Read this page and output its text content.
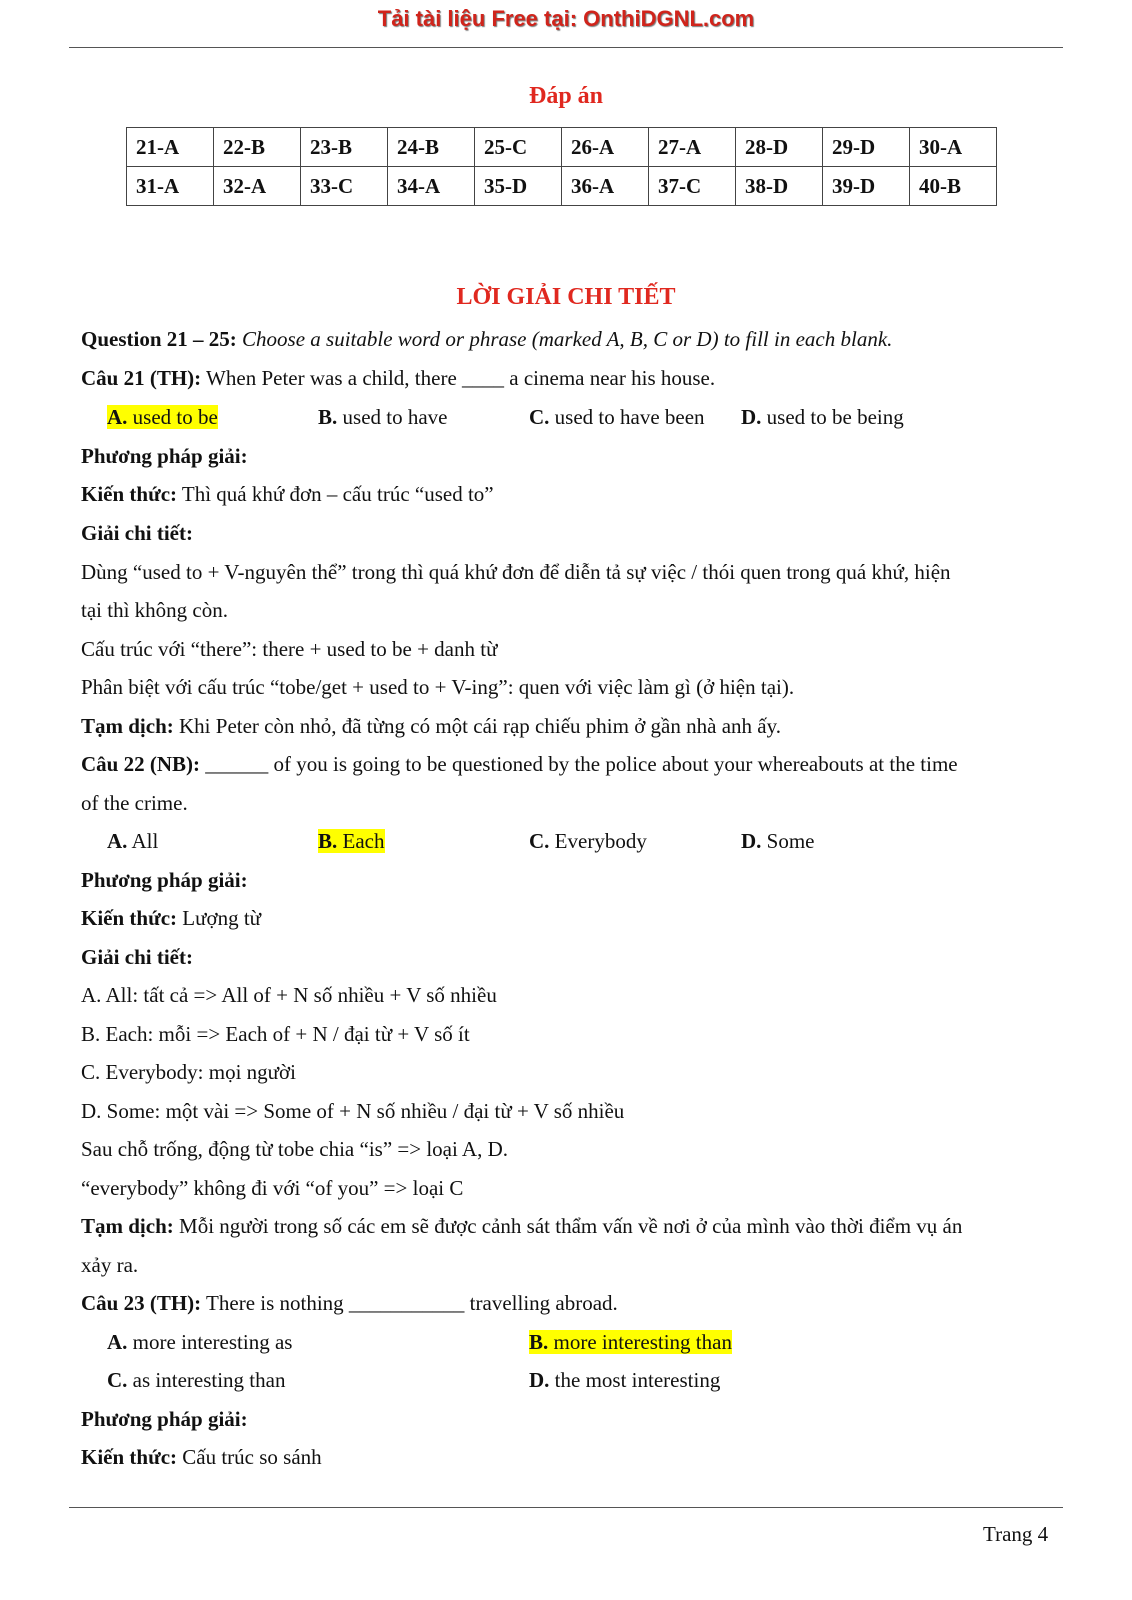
Tải tài liệu Free tại: OnthiDGNL.com
Đáp án
21-A	22-B	23-B	24-B	25-C	26-A	27-A	28-D	29-D	30-A
31-A	32-A	33-C	34-A	35-D	36-A	37-C	38-D	39-D	40-B
LỜI GIẢI CHI TIẾT
Question 21 – 25: Choose a suitable word or phrase (marked A, B, C or D) to fill in each blank.
Câu 21 (TH): When Peter was a child, there ____ a cinema near his house.
A. used to be	B. used to have	C. used to have been D. used to be being
Phương pháp giải:
Kiến thức: Thì quá khứ đơn – cấu trúc “used to”
Giải chi tiết:
Dùng “used to + V-nguyên thể” trong thì quá khứ đơn để diễn tả sự việc / thói quen trong quá khứ, hiện
tại thì không còn.
Cấu trúc với “there”: there + used to be + danh từ
Phân biệt với cấu trúc “tobe/get + used to + V-ing”: quen với việc làm gì (ở hiện tại).
Tạm dịch: Khi Peter còn nhỏ, đã từng có một cái rạp chiếu phim ở gần nhà anh ấy.
Câu 22 (NB): ______ of you is going to be questioned by the police about your whereabouts at the time
of the crime.
A. All	B. Each	C. Everybody	D. Some
Phương pháp giải:
Kiến thức: Lượng từ
Giải chi tiết:
A. All: tất cả => All of + N số nhiều + V số nhiều
B. Each: mỗi => Each of + N / đại từ + V số ít
C. Everybody: mọi người
D. Some: một vài => Some of + N số nhiều / đại từ + V số nhiều
Sau chỗ trống, động từ tobe chia “is” => loại A, D.
“everybody” không đi với “of you” => loại C
Tạm dịch: Mỗi người trong số các em sẽ được cảnh sát thẩm vấn về nơi ở của mình vào thời điểm vụ án
xảy ra.
Câu 23 (TH): There is nothing ___________ travelling abroad.
A. more interesting as	B. more interesting than
C. as interesting than	D. the most interesting
Phương pháp giải:
Kiến thức: Cấu trúc so sánh
Trang 4
